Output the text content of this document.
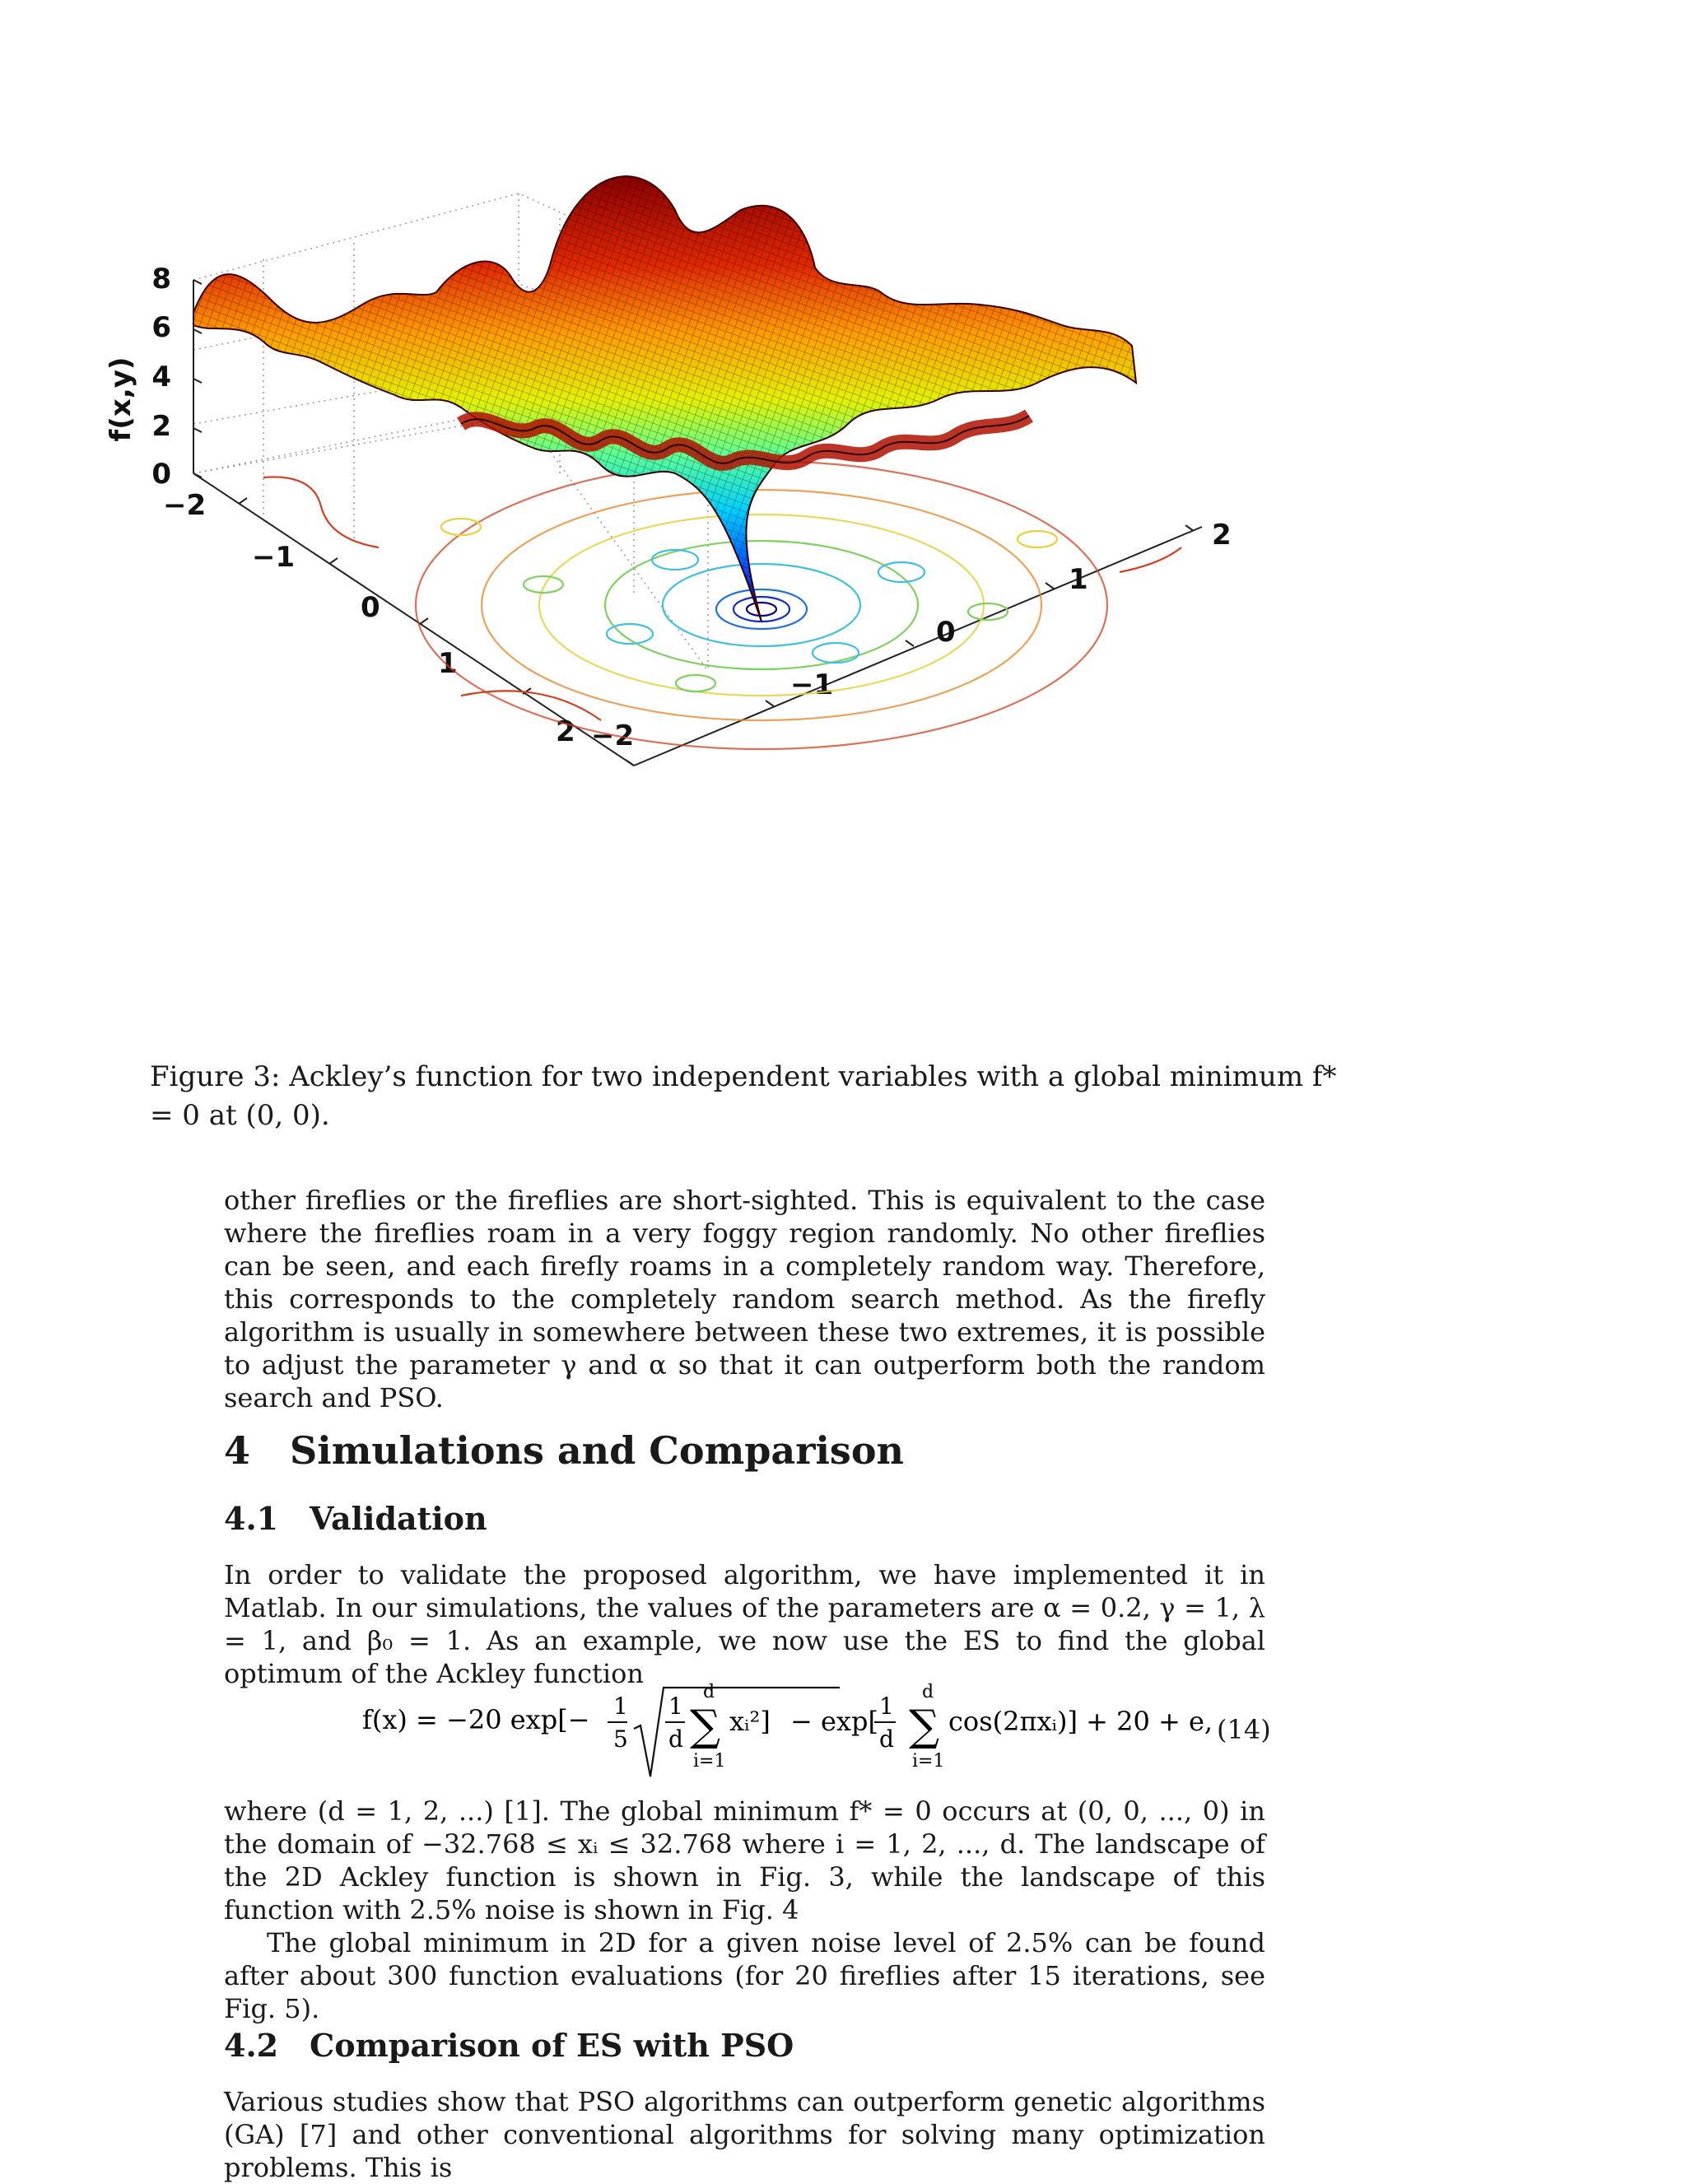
8
6
4
2
0
f(x,y)
−2
−1
0
1
2 −2
−1
0
1
2
Figure 3: Ackley’s function for two independent variables with a global minimum f* = 0 at (0, 0).

other fireflies or the fireflies are short-sighted. This is equivalent to the case where the fireflies roam in a very foggy region randomly. No other fireflies can be seen, and each firefly roams in a completely random way. Therefore, this corresponds to the completely random search method. As the firefly algorithm is usually in somewhere between these two extremes, it is possible to adjust the parameter γ and α so that it can outperform both the random search and PSO.

4 Simulations and Comparison
4.1 Validation

In order to validate the proposed algorithm, we have implemented it in Matlab. In our simulations, the values of the parameters are α = 0.2, γ = 1, λ = 1, and β₀ = 1. As an example, we now use the ES to find the global optimum of the Ackley function

f(x) = −20 exp[− 1
5
1
d
d
∑
i=1
xᵢ²] − exp[ 1
d
d
∑
i=1
cos(2πxᵢ)] + 20 + e, (14)

where (d = 1, 2, ...) [1]. The global minimum f* = 0 occurs at (0, 0, ..., 0) in the domain of −32.768 ≤ xᵢ ≤ 32.768 where i = 1, 2, ..., d. The landscape of the 2D Ackley function is shown in Fig. 3, while the landscape of this function with 2.5% noise is shown in Fig. 4

The global minimum in 2D for a given noise level of 2.5% can be found after about 300 function evaluations (for 20 fireflies after 15 iterations, see Fig. 5).

4.2 Comparison of ES with PSO

Various studies show that PSO algorithms can outperform genetic algorithms (GA) [7] and other conventional algorithms for solving many optimization problems. This is
